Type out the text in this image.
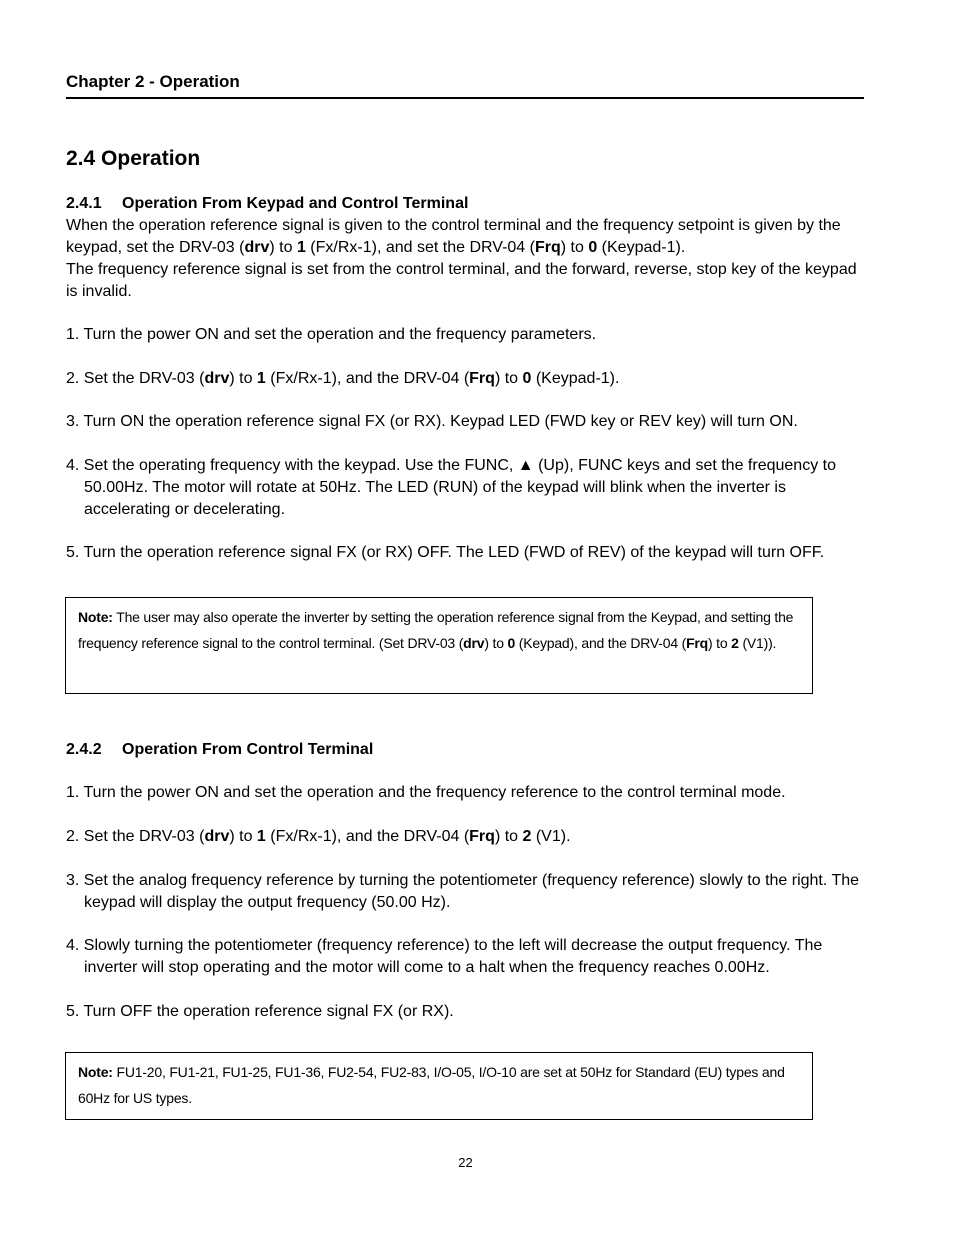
Chapter 2 - Operation
2.4 Operation
2.4.1 Operation From Keypad and Control Terminal
When the operation reference signal is given to the control terminal and the frequency setpoint is given by the keypad, set the DRV-03 (drv) to 1 (Fx/Rx-1), and set the DRV-04 (Frq) to 0 (Keypad-1).
The frequency reference signal is set from the control terminal, and the forward, reverse, stop key of the keypad is invalid.
1. Turn the power ON and set the operation and the frequency parameters.
2. Set the DRV-03 (drv) to 1 (Fx/Rx-1), and the DRV-04 (Frq) to 0 (Keypad-1).
3. Turn ON the operation reference signal FX (or RX). Keypad LED (FWD key or REV key) will turn ON.
4. Set the operating frequency with the keypad. Use the FUNC, ▲ (Up), FUNC keys and set the frequency to 50.00Hz. The motor will rotate at 50Hz. The LED (RUN) of the keypad will blink when the inverter is accelerating or decelerating.
5. Turn the operation reference signal FX (or RX) OFF. The LED (FWD of REV) of the keypad will turn OFF.
Note: The user may also operate the inverter by setting the operation reference signal from the Keypad, and setting the frequency reference signal to the control terminal. (Set DRV-03 (drv) to 0 (Keypad), and the DRV-04 (Frq) to 2 (V1)).
2.4.2 Operation From Control Terminal
1. Turn the power ON and set the operation and the frequency reference to the control terminal mode.
2. Set the DRV-03 (drv) to 1 (Fx/Rx-1), and the DRV-04 (Frq) to 2 (V1).
3. Set the analog frequency reference by turning the potentiometer (frequency reference) slowly to the right. The keypad will display the output frequency (50.00 Hz).
4. Slowly turning the potentiometer (frequency reference) to the left will decrease the output frequency. The inverter will stop operating and the motor will come to a halt when the frequency reaches 0.00Hz.
5. Turn OFF the operation reference signal FX (or RX).
Note: FU1-20, FU1-21, FU1-25, FU1-36, FU2-54, FU2-83, I/O-05, I/O-10 are set at 50Hz for Standard (EU) types and 60Hz for US types.
22
